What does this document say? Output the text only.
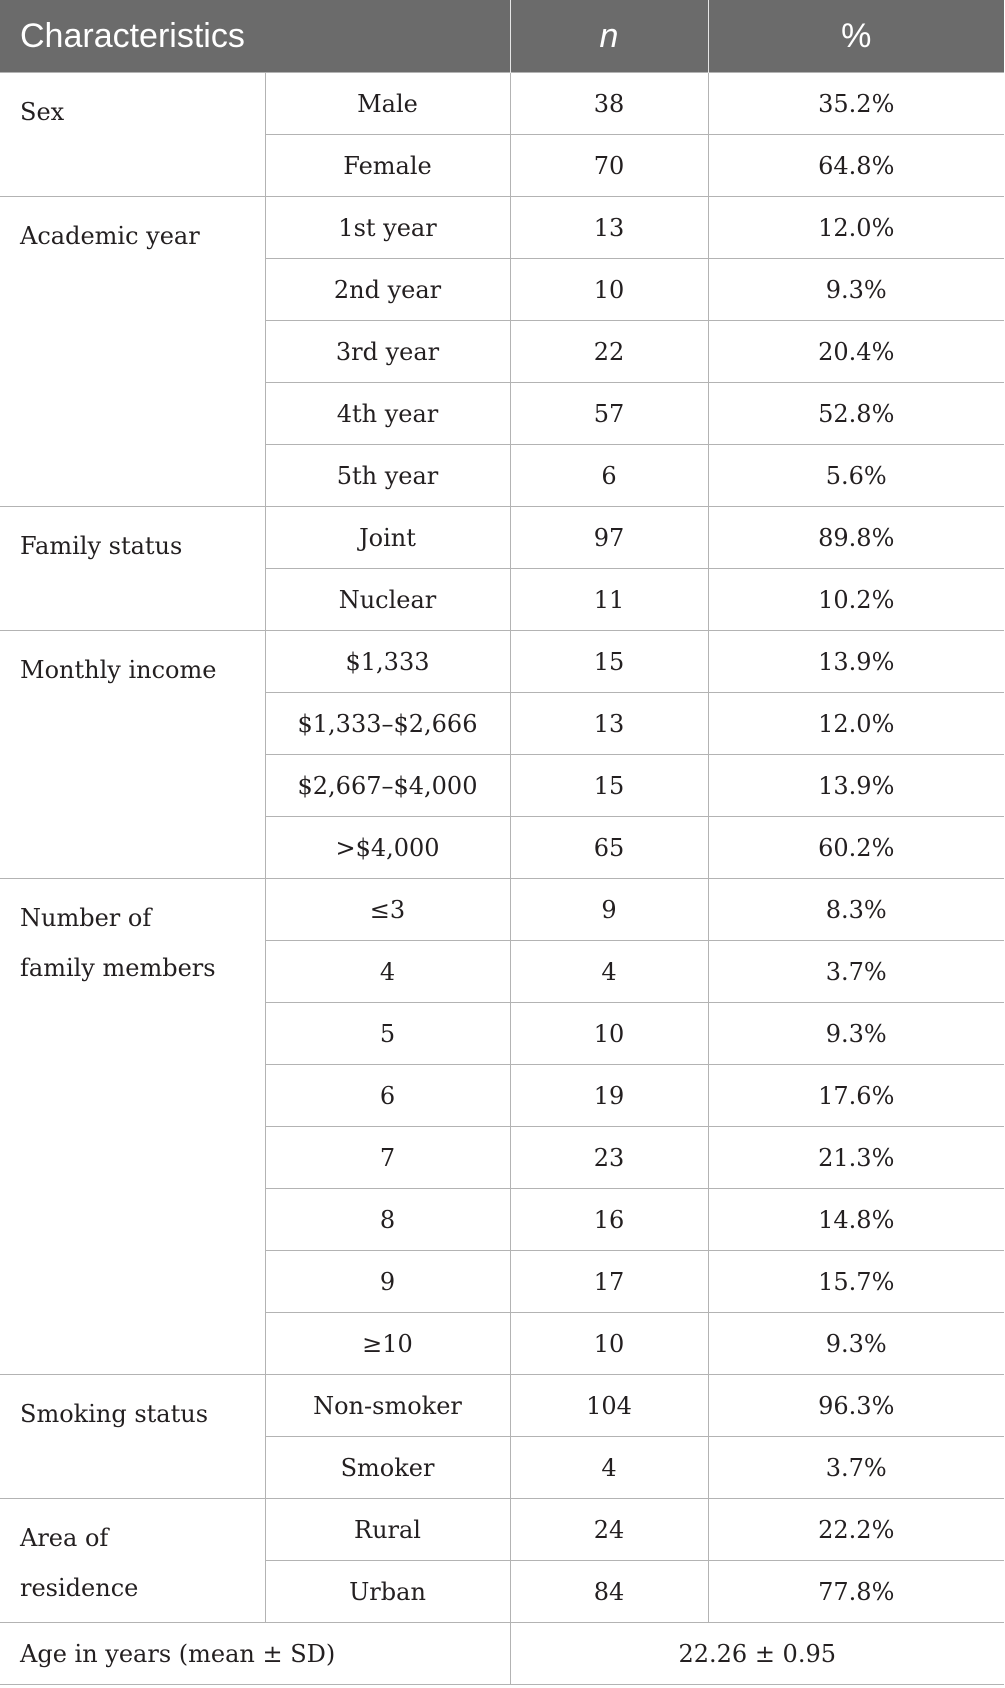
Characteristics		n	%
Sex	Male	38	35.2%
	Female	70	64.8%
Academic year	1st year	13	12.0%
	2nd year	10	9.3%
	3rd year	22	20.4%
	4th year	57	52.8%
	5th year	6	5.6%
Family status	Joint	97	89.8%
	Nuclear	11	10.2%
Monthly income	$1,333	15	13.9%
	$1,333–$2,666	13	12.0%
	$2,667–$4,000	15	13.9%
	>$4,000	65	60.2%
Number of family members	≤3	9	8.3%
	4	4	3.7%
	5	10	9.3%
	6	19	17.6%
	7	23	21.3%
	8	16	14.8%
	9	17	15.7%
	≥10	10	9.3%
Smoking status	Non-smoker	104	96.3%
	Smoker	4	3.7%
Area of residence	Rural	24	22.2%
	Urban	84	77.8%
Age in years (mean ± SD)		22.26 ± 0.95	
